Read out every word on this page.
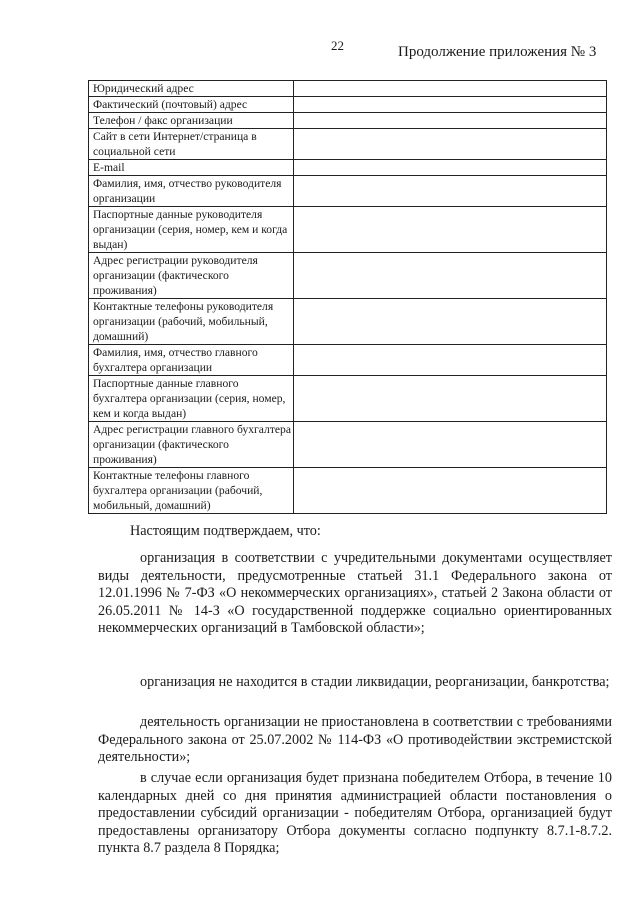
22	Продолжение приложения № 3
Юридический адрес	
Фактический (почтовый) адрес	
Телефон / факс организации	
Сайт в сети Интернет/страница в социальной сети	
E-mail	
Фамилия, имя, отчество руководителя организации	
Паспортные данные руководителя организации (серия, номер, кем и когда выдан)	
Адрес регистрации руководителя организации (фактического проживания)	
Контактные телефоны руководителя организации (рабочий, мобильный, домашний)	
Фамилия, имя, отчество главного бухгалтера организации	
Паспортные данные главного бухгалтера организации (серия, номер, кем и когда выдан)	
Адрес регистрации главного бухгалтера организации (фактического проживания)	
Контактные телефоны главного бухгалтера организации (рабочий, мобильный, домашний)	
Настоящим подтверждаем, что:
организация в соответствии с учредительными документами осуществляет виды деятельности, предусмотренные статьей 31.1 Федерального закона от 12.01.1996 № 7-ФЗ «О некоммерческих организациях», статьей 2 Закона области от 26.05.2011 № 14-З «О государственной поддержке социально ориентированных некоммерческих организаций в Тамбовской области»;
организация не находится в стадии ликвидации, реорганизации, банкротства;
деятельность организации не приостановлена в соответствии с требованиями Федерального закона от 25.07.2002 № 114-ФЗ «О противодействии экстремистской деятельности»;
в случае если организация будет признана победителем Отбора, в течение 10 календарных дней со дня принятия администрацией области постановления о предоставлении субсидий организации - победителям Отбора, организацией будут предоставлены организатору Отбора документы согласно подпункту 8.7.1-8.7.2. пункта 8.7 раздела 8 Порядка;
